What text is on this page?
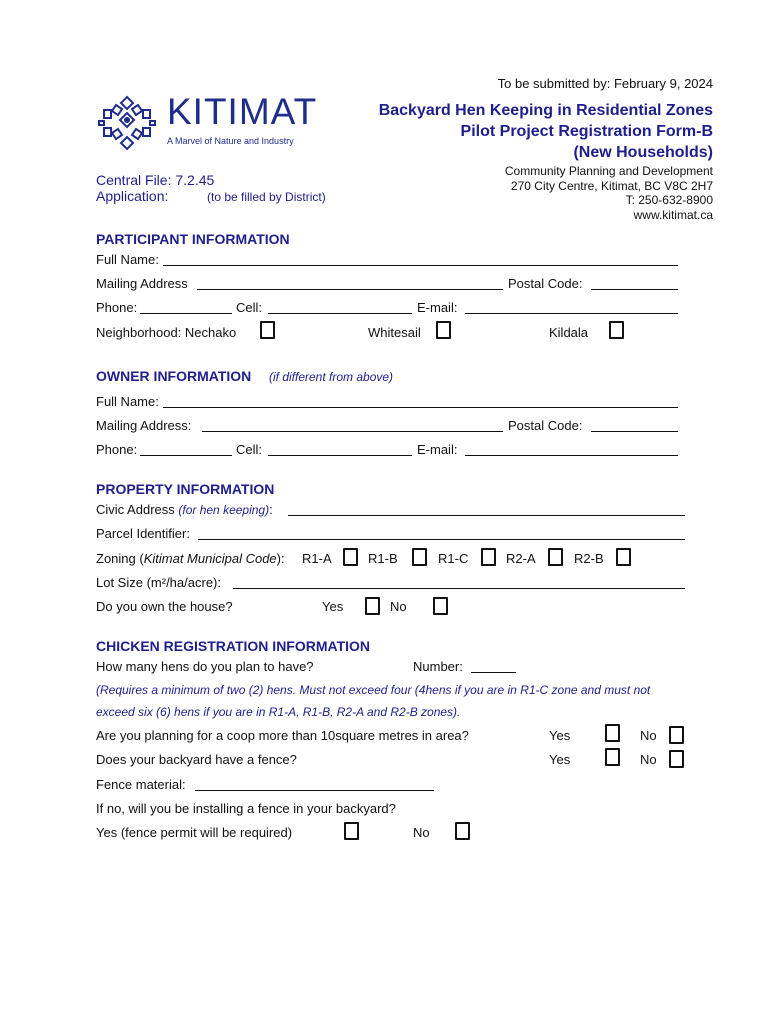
To be submitted by: February 9, 2024
KITIMAT
A Marvel of Nature and Industry
Backyard Hen Keeping in Residential Zones
Pilot Project Registration Form-B
(New Households)
Central File: 7.2.45
Application:	(to be filled by District)
Community Planning and Development
270 City Centre, Kitimat, BC V8C 2H7
T: 250-632-8900
www.kitimat.ca
PARTICIPANT INFORMATION
Full Name:
Mailing Address	Postal Code:
Phone:	Cell:	E-mail:
Neighborhood: Nechako	Whitesail	Kildala
OWNER INFORMATION (if different from above)
Full Name:
Mailing Address:	Postal Code:
Phone:	Cell:	E-mail:
PROPERTY INFORMATION
Civic Address (for hen keeping):
Parcel Identifier:
Zoning (Kitimat Municipal Code): R1-A	R1-B	R1-C	R2-A	R2-B
Lot Size (m²/ha/acre):
Do you own the house?	Yes	No
CHICKEN REGISTRATION INFORMATION
How many hens do you plan to have?	Number:
(Requires a minimum of two (2) hens. Must not exceed four (4hens if you are in R1-C zone and must not
exceed six (6) hens if you are in R1-A, R1-B, R2-A and R2-B zones).
Are you planning for a coop more than 10square metres in area?	Yes	No
Does your backyard have a fence?	Yes	No
Fence material:
If no, will you be installing a fence in your backyard?
Yes (fence permit will be required)	No
